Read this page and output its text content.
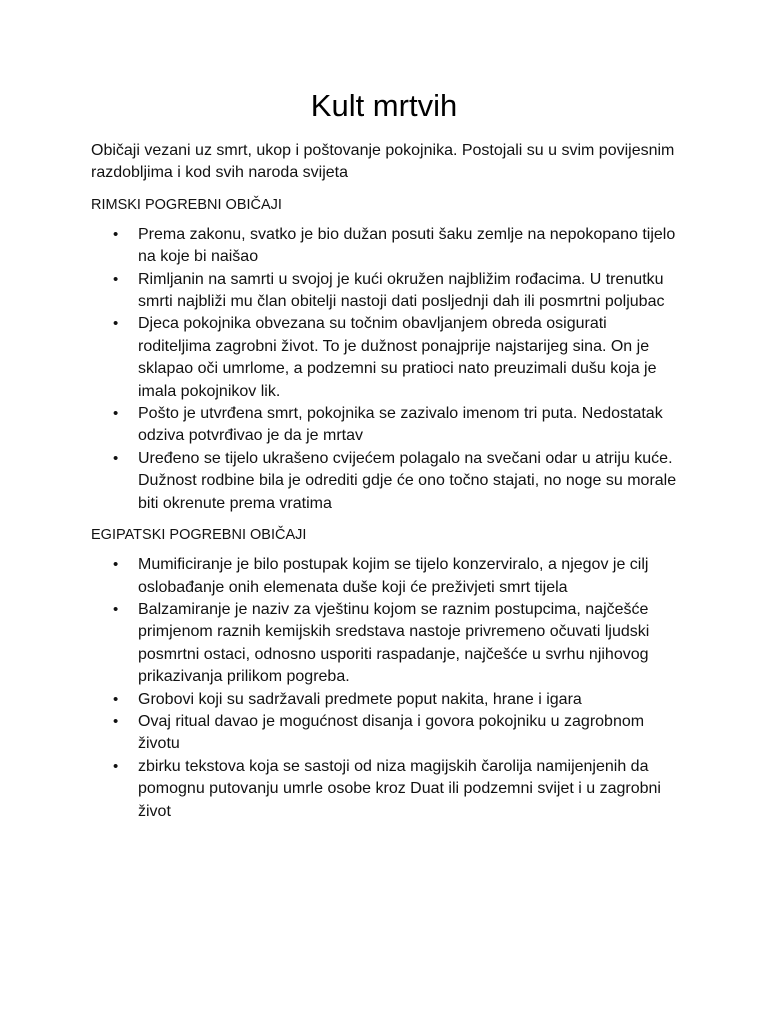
Kult mrtvih

Običaji vezani uz smrt, ukop i poštovanje pokojnika. Postojali su u svim povijesnim razdobljima i kod svih naroda svijeta

RIMSKI POGREBNI OBIČAJI

• Prema zakonu, svatko je bio dužan posuti šaku zemlje na nepokopano tijelo na koje bi naišao
• Rimljanin na samrti u svojoj je kući okružen najbližim rođacima. U trenutku smrti najbliži mu član obitelji nastoji dati posljednji dah ili posmrtni poljubac
• Djeca pokojnika obvezana su točnim obavljanjem obreda osigurati roditeljima zagrobni život. To je dužnost ponajprije najstarijeg sina. On je sklapao oči umrlome, a podzemni su pratioci nato preuzimali dušu koja je imala pokojnikov lik.
• Pošto je utvrđena smrt, pokojnika se zazivalo imenom tri puta. Nedostatak odziva potvrđivao je da je mrtav
• Uređeno se tijelo ukrašeno cvijećem polagalo na svečani odar u atriju kuće. Dužnost rodbine bila je odrediti gdje će ono točno stajati, no noge su morale biti okrenute prema vratima

EGIPATSKI POGREBNI OBIČAJI

• Mumificiranje je bilo postupak kojim se tijelo konzerviralo, a njegov je cilj oslobađanje onih elemenata duše koji će preživjeti smrt tijela
• Balzamiranje je naziv za vještinu kojom se raznim postupcima, najčešće primjenom raznih kemijskih sredstava nastoje privremeno očuvati ljudski posmrtni ostaci, odnosno usporiti raspadanje, najčešće u svrhu njihovog prikazivanja prilikom pogreba.
• Grobovi koji su sadržavali predmete poput nakita, hrane i igara
• Ovaj ritual davao je mogućnost disanja i govora pokojniku u zagrobnom životu
• zbirku tekstova koja se sastoji od niza magijskih čarolija namijenjenih da pomognu putovanju umrle osobe kroz Duat ili podzemni svijet i u zagrobni život
